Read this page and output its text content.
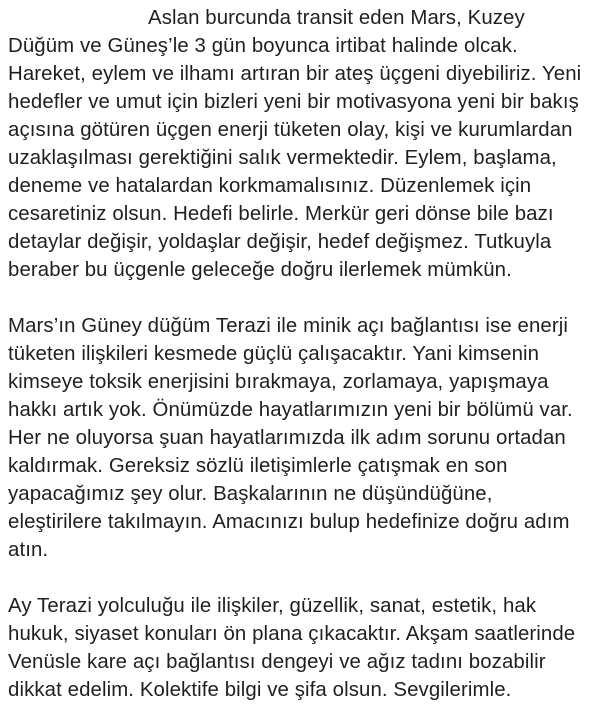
Aslan burcunda transit eden Mars, Kuzey
Düğüm ve Güneş’le 3 gün boyunca irtibat halinde olcak.
Hareket, eylem ve ilhamı artıran bir ateş üçgeni diyebiliriz. Yeni
hedefler ve umut için bizleri yeni bir motivasyona yeni bir bakış
açısına götüren üçgen enerji tüketen olay, kişi ve kurumlardan
uzaklaşılması gerektiğini salık vermektedir. Eylem, başlama,
deneme ve hatalardan korkmamalısınız. Düzenlemek için
cesaretiniz olsun. Hedefi belirle. Merkür geri dönse bile bazı
detaylar değişir, yoldaşlar değişir, hedef değişmez. Tutkuyla
beraber bu üçgenle geleceğe doğru ilerlemek mümkün.
Mars’ın Güney düğüm Terazi ile minik açı bağlantısı ise enerji
tüketen ilişkileri kesmede güçlü çalışacaktır. Yani kimsenin
kimseye toksik enerjisini bırakmaya, zorlamaya, yapışmaya
hakkı artık yok. Önümüzde hayatlarımızın yeni bir bölümü var.
Her ne oluyorsa şuan hayatlarımızda ilk adım sorunu ortadan
kaldırmak. Gereksiz sözlü iletişimlerle çatışmak en son
yapacağımız şey olur. Başkalarının ne düşündüğüne,
eleştirilere takılmayın. Amacınızı bulup hedefinize doğru adım
atın.
Ay Terazi yolculuğu ile ilişkiler, güzellik, sanat, estetik, hak
hukuk, siyaset konuları ön plana çıkacaktır. Akşam saatlerinde
Venüsle kare açı bağlantısı dengeyi ve ağız tadını bozabilir
dikkat edelim. Kolektife bilgi ve şifa olsun. Sevgilerimle.
